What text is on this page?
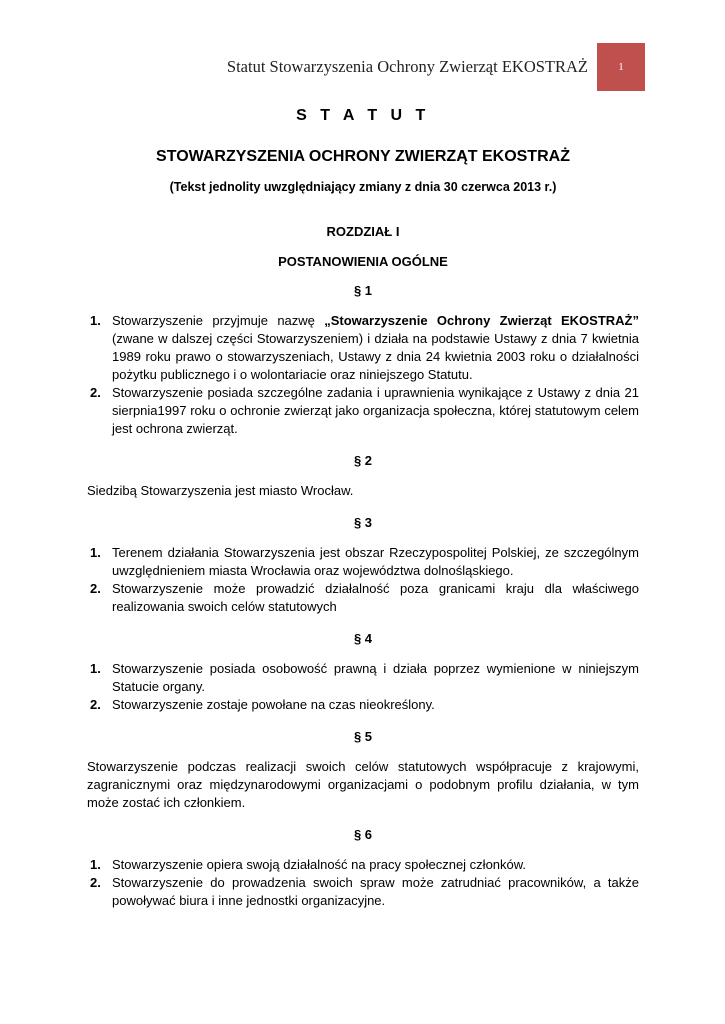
Statut Stowarzyszenia Ochrony Zwierząt EKOSTRAŻ	1
S T A T U T
STOWARZYSZENIA OCHRONY ZWIERZĄT EKOSTRAŻ
(Tekst jednolity uwzględniający zmiany z dnia 30 czerwca 2013 r.)
ROZDZIAŁ I
POSTANOWIENIA OGÓLNE
§ 1
1. Stowarzyszenie przyjmuje nazwę „Stowarzyszenie Ochrony Zwierząt EKOSTRAŻ” (zwane w dalszej części Stowarzyszeniem) i działa na podstawie Ustawy z dnia 7 kwietnia 1989 roku prawo o stowarzyszeniach, Ustawy z dnia 24 kwietnia 2003 roku o działalności pożytku publicznego i o wolontariacie oraz niniejszego Statutu.
2. Stowarzyszenie posiada szczególne zadania i uprawnienia wynikające z Ustawy z dnia 21 sierpnia1997 roku o ochronie zwierząt jako organizacja społeczna, której statutowym celem jest ochrona zwierząt.
§ 2

Siedzibą Stowarzyszenia jest miasto Wrocław.

§ 3
1. Terenem działania Stowarzyszenia jest obszar Rzeczypospolitej Polskiej, ze szczególnym uwzględnieniem miasta Wrocławia oraz województwa dolnośląskiego.
2. Stowarzyszenie może prowadzić działalność poza granicami kraju dla właściwego realizowania swoich celów statutowych
§ 4
1. Stowarzyszenie posiada osobowość prawną i działa poprzez wymienione w niniejszym Statucie organy.
2. Stowarzyszenie zostaje powołane na czas nieokreślony.
§ 5

Stowarzyszenie podczas realizacji swoich celów statutowych współpracuje z krajowymi, zagranicznymi oraz międzynarodowymi organizacjami o podobnym profilu działania, w tym może zostać ich członkiem.

§ 6
1. Stowarzyszenie opiera swoją działalność na pracy społecznej członków.
2. Stowarzyszenie do prowadzenia swoich spraw może zatrudniać pracowników, a także powoływać biura i inne jednostki organizacyjne.
